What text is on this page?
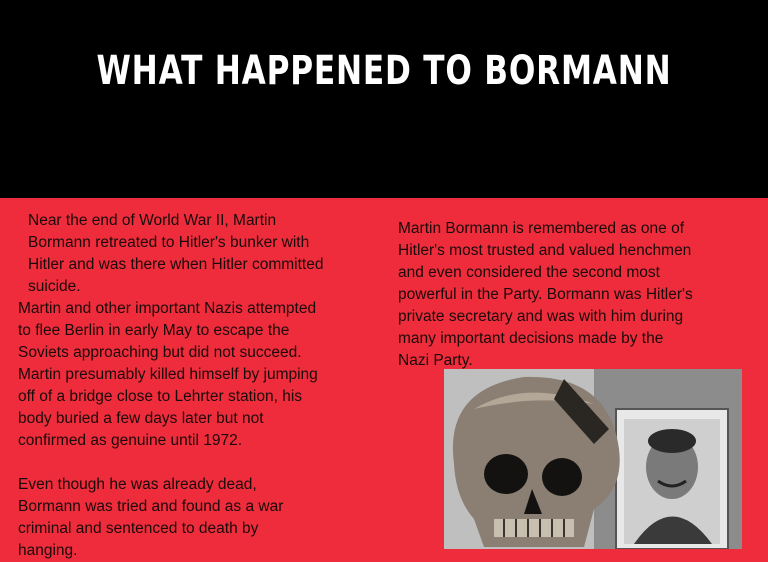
WHAT HAPPENED TO BORMANN

Near the end of World War II, Martin Bormann retreated to Hitler's bunker with Hitler and was there when Hitler committed suicide.

Martin and other important Nazis attempted to flee Berlin in early May to escape the Soviets approaching but did not succeed. Martin presumably killed himself by jumping off of a bridge close to Lehrter station, his body buried a few days later but not confirmed as genuine until 1972.

Even though he was already dead, Bormann was tried and found as a war criminal and sentenced to death by hanging.

Martin Bormann is remembered as one of Hitler's most trusted and valued henchmen and even considered the second most powerful in the Party. Bormann was Hitler's private secretary and was with him during many important decisions made by the Nazi Party.
